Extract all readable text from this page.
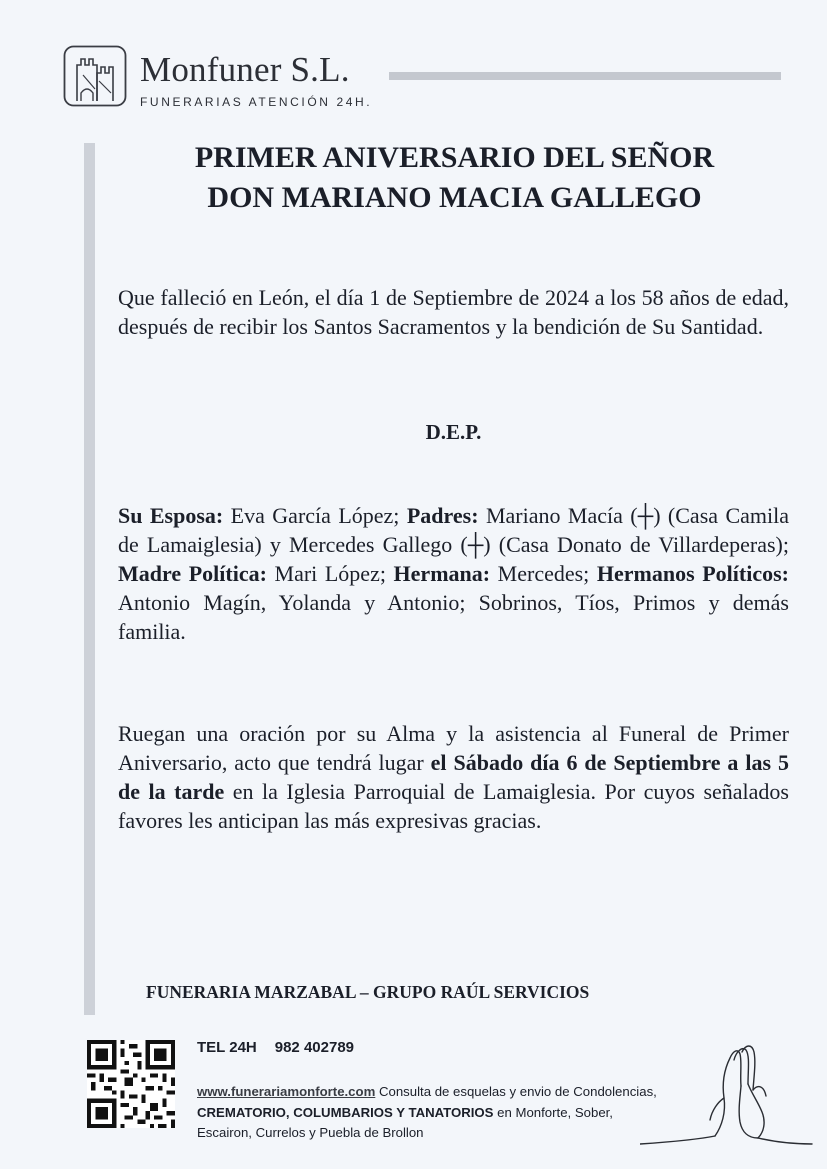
Monfuner S.L.
FUNERARIAS ATENCIÓN 24H.
PRIMER ANIVERSARIO DEL SEÑOR
DON MARIANO MACIA GALLEGO
Que falleció en León, el día 1 de Septiembre de 2024 a los 58 años de edad, después de recibir los Santos Sacramentos y la bendición de Su Santidad.
D.E.P.
Su Esposa: Eva García López; Padres: Mariano Macía (┼) (Casa Camila de Lamaiglesia) y Mercedes Gallego (┼) (Casa Donato de Villardeperas); Madre Política: Mari López; Hermana: Mercedes; Hermanos Políticos: Antonio Magín, Yolanda y Antonio; Sobrinos, Tíos, Primos y demás familia.
Ruegan una oración por su Alma y la asistencia al Funeral de Primer Aniversario, acto que tendrá lugar el Sábado día 6 de Septiembre a las 5 de la tarde en la Iglesia Parroquial de Lamaiglesia. Por cuyos señalados favores les anticipan las más expresivas gracias.
FUNERARIA MARZABAL – GRUPO RAÚL SERVICIOS
TEL 24H 982 402789
www.funerariamonforte.com Consulta de esquelas y envio de Condolencias, CREMATORIO, COLUMBARIOS Y TANATORIOS en Monforte, Sober, Escairon, Currelos y Puebla de Brollon
